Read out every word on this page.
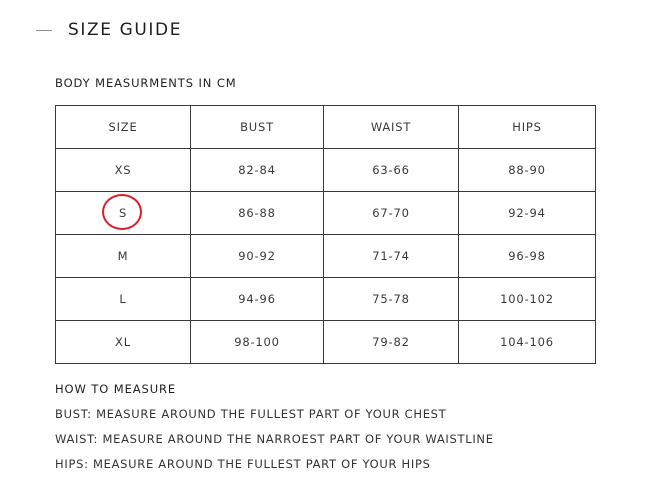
SIZE GUIDE
BODY MEASURMENTS IN CM
SIZE	BUST	WAIST	HIPS
XS	82-84	63-66	88-90
S	86-88	67-70	92-94
M	90-92	71-74	96-98
L	94-96	75-78	100-102
XL	98-100	79-82	104-106
HOW TO MEASURE
BUST: MEASURE AROUND THE FULLEST PART OF YOUR CHEST
WAIST: MEASURE AROUND THE NARROEST PART OF YOUR WAISTLINE
HIPS: MEASURE AROUND THE FULLEST PART OF YOUR HIPS
